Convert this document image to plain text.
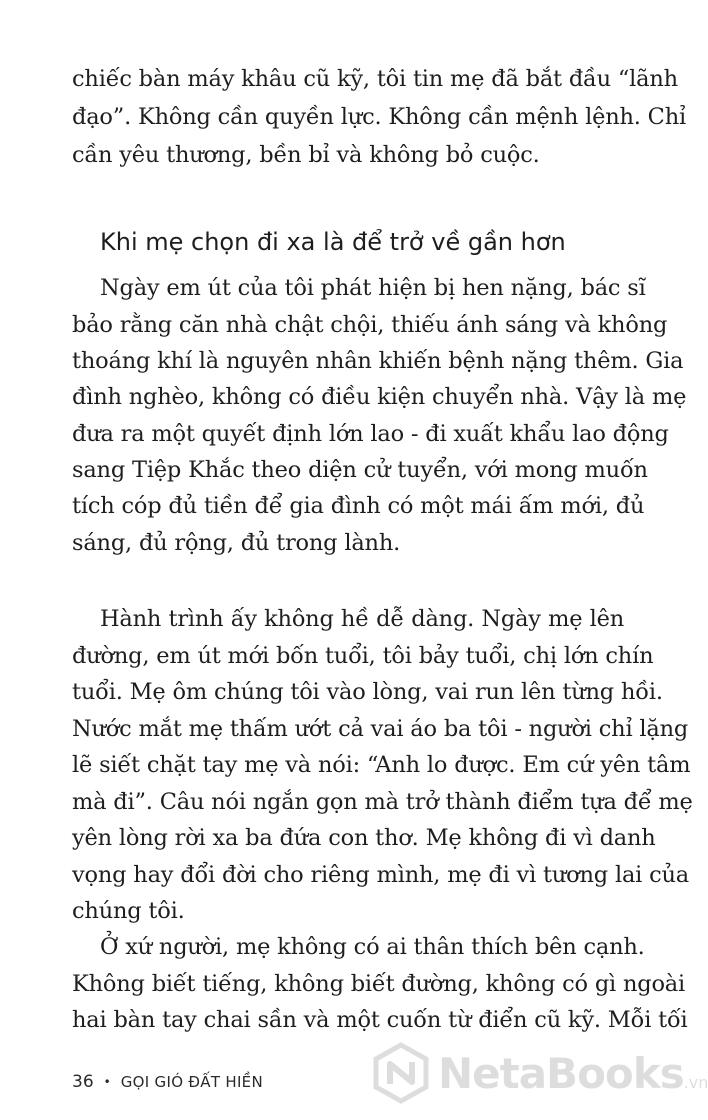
chiếc bàn máy khâu cũ kỹ, tôi tin mẹ đã bắt đầu “lãnh
đạo”. Không cần quyền lực. Không cần mệnh lệnh. Chỉ
cần yêu thương, bền bỉ và không bỏ cuộc.
Khi mẹ chọn đi xa là để trở về gần hơn
Ngày em út của tôi phát hiện bị hen nặng, bác sĩ
bảo rằng căn nhà chật chội, thiếu ánh sáng và không
thoáng khí là nguyên nhân khiến bệnh nặng thêm. Gia
đình nghèo, không có điều kiện chuyển nhà. Vậy là mẹ
đưa ra một quyết định lớn lao - đi xuất khẩu lao động
sang Tiệp Khắc theo diện cử tuyển, với mong muốn
tích cóp đủ tiền để gia đình có một mái ấm mới, đủ
sáng, đủ rộng, đủ trong lành.
Hành trình ấy không hề dễ dàng. Ngày mẹ lên
đường, em út mới bốn tuổi, tôi bảy tuổi, chị lớn chín
tuổi. Mẹ ôm chúng tôi vào lòng, vai run lên từng hồi.
Nước mắt mẹ thấm ướt cả vai áo ba tôi - người chỉ lặng
lẽ siết chặt tay mẹ và nói: “Anh lo được. Em cứ yên tâm
mà đi”. Câu nói ngắn gọn mà trở thành điểm tựa để mẹ
yên lòng rời xa ba đứa con thơ. Mẹ không đi vì danh
vọng hay đổi đời cho riêng mình, mẹ đi vì tương lai của
chúng tôi.
Ở xứ người, mẹ không có ai thân thích bên cạnh.
Không biết tiếng, không biết đường, không có gì ngoài
hai bàn tay chai sần và một cuốn từ điển cũ kỹ. Mỗi tối
36 • GỌI GIÓ ĐẤT HIỀN	NetaBooks.vn
